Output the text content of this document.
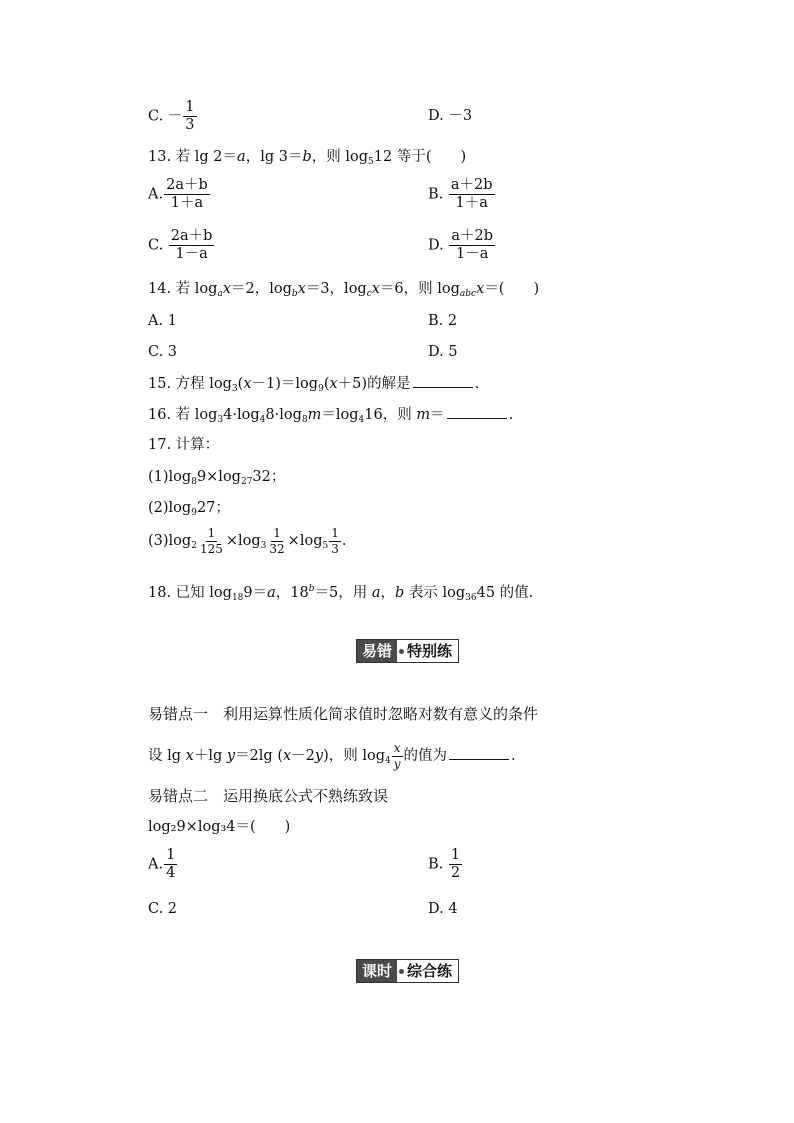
C. － $\frac{1}{3}$	D. －3
13. 若 lg 2＝a，lg 3＝b，则 $\log_512$ 等于(　　)
A. $\frac{2a+b}{1+a}$	B. $\frac{a+2b}{1+a}$
C. $\frac{2a+b}{1-a}$	D. $\frac{a+2b}{1-a}$
14. 若 $\log_ax=2$，$\log_bx=3$，$\log_cx=6$，则 $\log_{abc}x=$(　　)
A. 1	B. 2
C. 3	D. 5
15. 方程 $\log_3(x-1)=\log_9(x+5)$的解是	.
16. 若 $\log_34\cdot\log_48\cdot\log_8m=\log_416$，则 m＝	.
17. 计算：
$(1)\log_89\times\log_{27}32$；
$(2)\log_927$；
$(3)\log_2 \frac{1}{125} \times\log_3 \frac{1}{32} \times\log_5 \frac{1}{3}$ .
18. 已知 $\log_{18}9=a$，$18^b=5$，用 a，b 表示 $\log_{36}45$ 的值.
易错	特别练
易错点一　利用运算性质化简求值时忽略对数有意义的条件
设 lg x＋lg y＝2lg (x－2y)，则 $\log_4 \frac{x}{y}$ 的值为	.
易错点二　运用换底公式不熟练致误
log₂9×log₃4＝(　　)
A. $\frac{1}{4}$	B. $\frac{1}{2}$
C. 2	D. 4
课时	综合练
